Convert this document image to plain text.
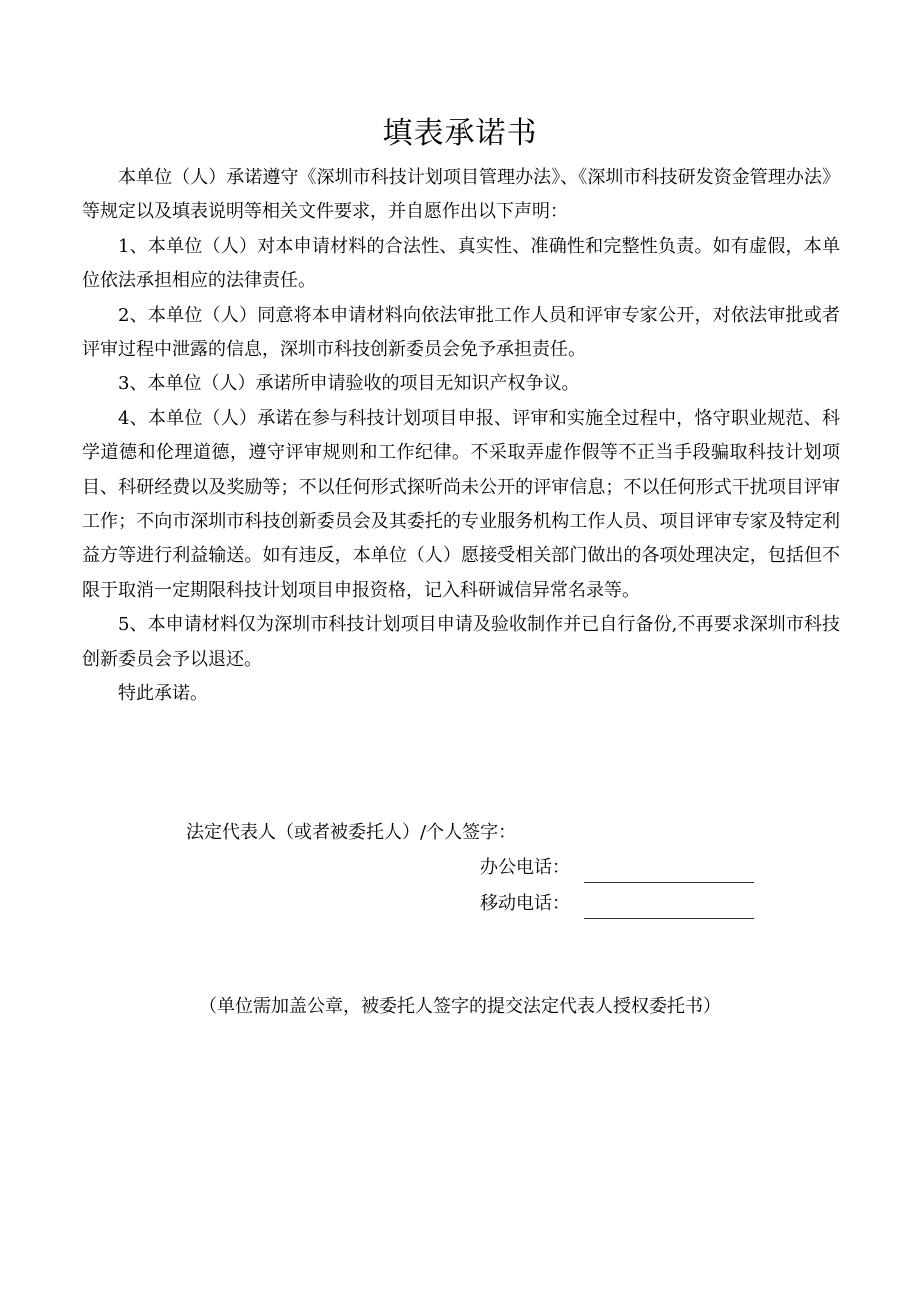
填表承诺书

本单位（人）承诺遵守《深圳市科技计划项目管理办法》、《深圳市科技研发资金管理办法》等规定以及填表说明等相关文件要求，并自愿作出以下声明：

1、本单位（人）对本申请材料的合法性、真实性、准确性和完整性负责。如有虚假，本单位依法承担相应的法律责任。

2、本单位（人）同意将本申请材料向依法审批工作人员和评审专家公开，对依法审批或者评审过程中泄露的信息，深圳市科技创新委员会免予承担责任。

3、本单位（人）承诺所申请验收的项目无知识产权争议。

4、本单位（人）承诺在参与科技计划项目申报、评审和实施全过程中，恪守职业规范、科学道德和伦理道德，遵守评审规则和工作纪律。不采取弄虚作假等不正当手段骗取科技计划项目、科研经费以及奖励等；不以任何形式探听尚未公开的评审信息；不以任何形式干扰项目评审工作；不向市深圳市科技创新委员会及其委托的专业服务机构工作人员、项目评审专家及特定利益方等进行利益输送。如有违反，本单位（人）愿接受相关部门做出的各项处理决定，包括但不限于取消一定期限科技计划项目申报资格，记入科研诚信异常名录等。

5、本申请材料仅为深圳市科技计划项目申请及验收制作并已自行备份,不再要求深圳市科技创新委员会予以退还。

特此承诺。

法定代表人（或者被委托人）/个人签字：
办公电话：
移动电话：
（单位需加盖公章，被委托人签字的提交法定代表人授权委托书）
